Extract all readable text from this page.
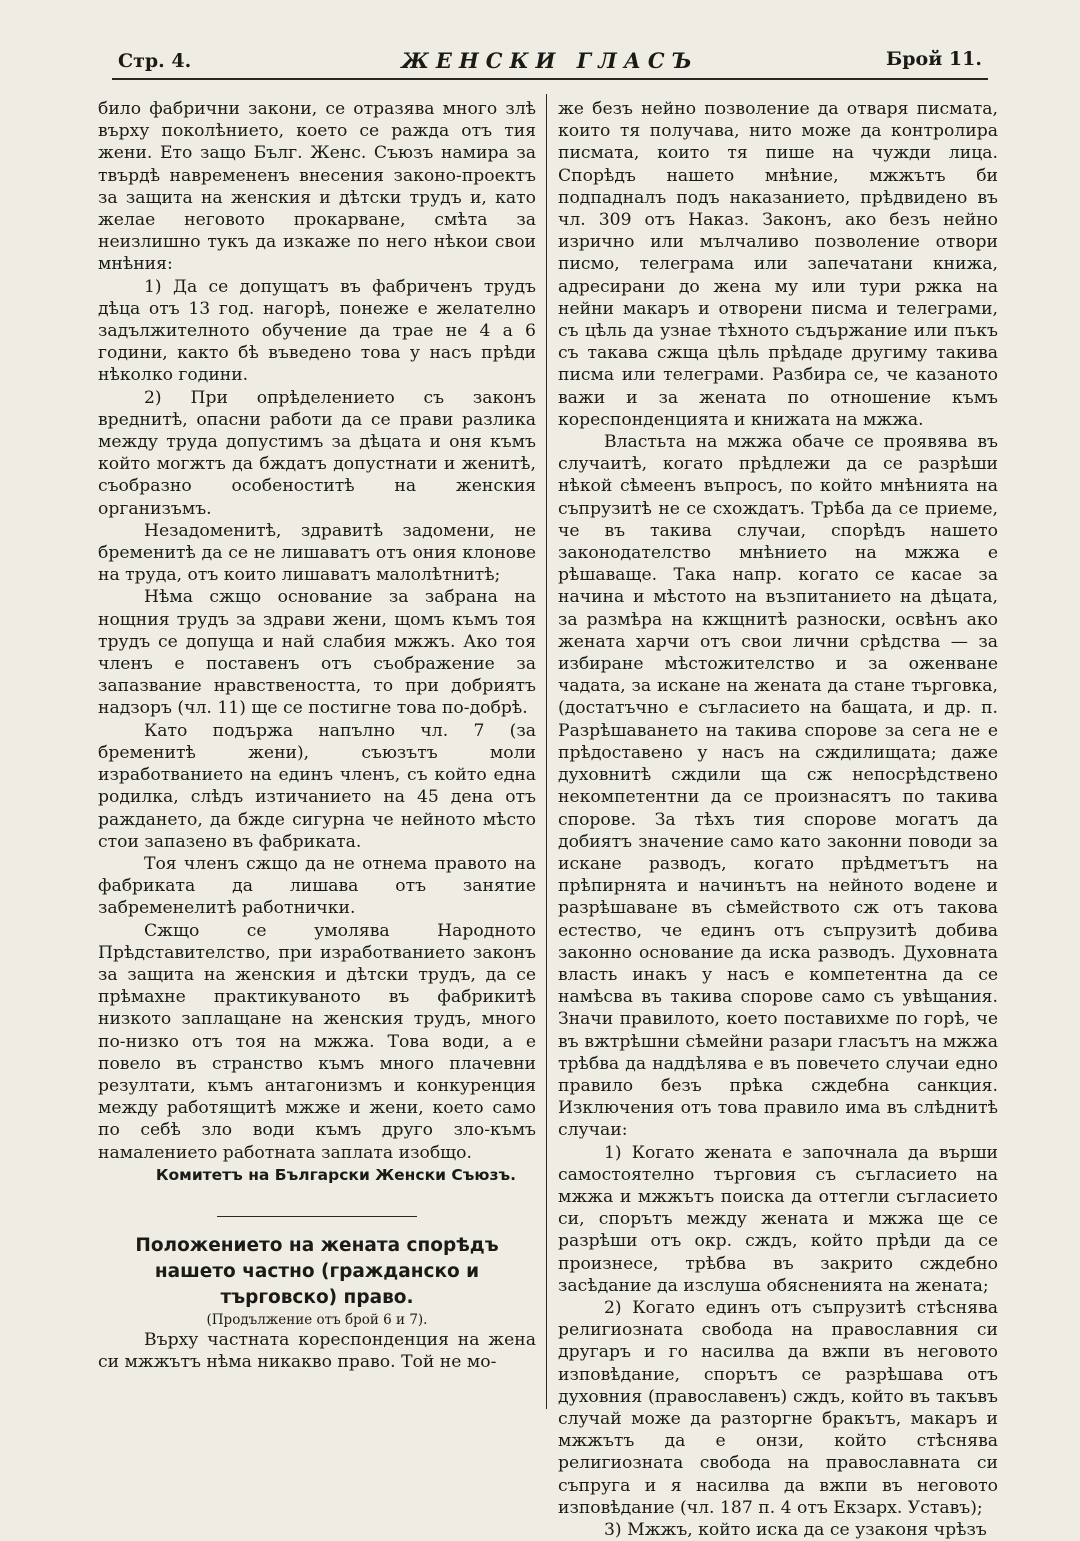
Стр. 4.	ЖЕНСКИ ГЛАСЪ	Брой 11.

било фабрични закони, се отразява много злѣ върху поколѣнието, което се ражда отъ тия жени. Ето защо Бълг. Женс. Съюзъ намира за твърдѣ навремененъ внесения законо-проектъ за защита на женския и дѣтски трудъ и, като желае неговото прокарване, смѣта за неизлишно тукъ да изкаже по него нѣкои свои мнѣния:

1) Да се допущатъ въ фабриченъ трудъ дѣца отъ 13 год. нагорѣ, понеже е желателно задължителното обучение да трае не 4 а 6 години, както бѣ въведено това у насъ прѣди нѣколко години.

2) При опрѣделението съ законъ вреднитѣ, опасни работи да се прави разлика между труда допустимъ за дѣцата и оня къмъ който могжтъ да бждатъ допустнати и женитѣ, съобразно особеноститѣ на женския организъмъ.

Незадоменитѣ, здравитѣ задомени, не бременитѣ да се не лишаватъ отъ ония клонове на труда, отъ които лишаватъ малолѣтнитѣ;

Нѣма сжщо основание за забрана на нощния трудъ за здрави жени, щомъ къмъ тоя трудъ се допуща и най слабия мжжъ. Ако тоя членъ е поставенъ отъ съображение за запазвание нравствеността, то при добриятъ надзоръ (чл. 11) ще се постигне това по-добрѣ.

Като подържа напълно чл. 7 (за бременитѣ жени), съюзътъ моли изработванието на единъ членъ, съ който една родилка, слѣдъ изтичанието на 45 дена отъ раждането, да бжде сигурна че нейното мѣсто стои запазено въ фабриката.

Тоя членъ сжщо да не отнема правото на фабриката да лишава отъ занятие забременелитѣ работнички.

Сжщо се умолява Народното Прѣдставителство, при изработванието законъ за защита на женския и дѣтски трудъ, да се прѣмахне практикуваното въ фабрикитѣ низкото заплащане на женския трудъ, много по-низко отъ тоя на мжжа. Това води, а е повело въ странство къмъ много плачевни резултати, къмъ антагонизмъ и конкуренция между работящитѣ мжже и жени, което само по себѣ зло води къмъ друго зло-къмъ намалението работната заплата изобщо.

Комитетъ на Български Женски Съюзъ.

Положението на жената спорѣдъ нашето частно (гражданско и търговско) право.

(Продължение отъ брой 6 и 7).

Върху частната кореспонденция на жена си мжжътъ нѣма никакво право. Той не мо-

же безъ нейно позволение да отваря писмата, които тя получава, нито може да контролира писмата, които тя пише на чужди лица. Спорѣдъ нашето мнѣние, мжжътъ би подпадналъ подъ наказанието, прѣдвидено въ чл. 309 отъ Наказ. Законъ, ако безъ нейно изрично или мълчаливо позволение отвори писмо, телеграма или запечатани книжа, адресирани до жена му или тури ржка на нейни макаръ и отворени писма и телеграми, съ цѣль да узнае тѣхното съдържание или пъкъ съ такава сжща цѣль прѣдаде другиму такива писма или телеграми. Разбира се, че казаното важи и за жената по отношение къмъ кореспонденцията и книжата на мжжа.

Властьта на мжжа обаче се проявява въ случаитѣ, когато прѣдлежи да се разрѣши нѣкой сѣмеенъ въпросъ, по който мнѣнията на съпрузитѣ не се схождатъ. Трѣба да се приеме, че въ такива случаи, спорѣдъ нашето законодателство мнѣнието на мжжа е рѣшаваще. Така напр. когато се касае за начина и мѣстото на възпитанието на дѣцата, за размѣра на кжщнитѣ разноски, освѣнъ ако жената харчи отъ свои лични срѣдства — за избиране мѣстожителство и за оженване чадата, за искане на жената да стане търговка, (достатъчно е съгласието на бащата, и др. п. Разрѣшаването на такива спорове за сега не е прѣдоставено у насъ на сждилищата; даже духовнитѣ сждили ща сж непосрѣдствено некомпетентни да се произнасятъ по такива спорове. За тѣхъ тия спорове могатъ да добиятъ значение само като законни поводи за искане разводъ, когато прѣдметътъ на прѣпирнята и начинътъ на нейното водене и разрѣшаване въ сѣмейството сж отъ такова естество, че единъ отъ съпрузитѣ добива законно основание да иска разводъ. Духовната власть инакъ у насъ е компетентна да се намѣсва въ такива спорове само съ увѣщания. Значи правилото, което поставихме по горѣ, че въ вжтрѣшни сѣмейни разари гласътъ на мжжа трѣбва да наддѣлява е въ повечето случаи едно правило безъ прѣка сждебна санкция. Изключения отъ това правило има въ слѣднитѣ случаи:

1) Когато жената е започнала да върши самостоятелно търговия съ съгласието на мжжа и мжжътъ поиска да оттегли съгласието си, спорътъ между жената и мжжа ще се разрѣши отъ окр. сждъ, който прѣди да се произнесе, трѣбва въ закрито сждебно засѣдание да изслуша обясненията на жената;

2) Когато единъ отъ съпрузитѣ стѣснява религиозната свобода на православния си другаръ и го насилва да вжпи въ неговото изповѣдание, спорътъ се разрѣшава отъ духовния (православенъ) сждъ, който въ такъвъ случай може да разторгне бракътъ, макаръ и мжжътъ да е онзи, който стѣснява религиозната свобода на православната си съпруга и я насилва да вжпи въ неговото изповѣдание (чл. 187 п. 4 отъ Екзарх. Уставъ);

3) Мжжъ, който иска да се узаконя чрѣзъ
